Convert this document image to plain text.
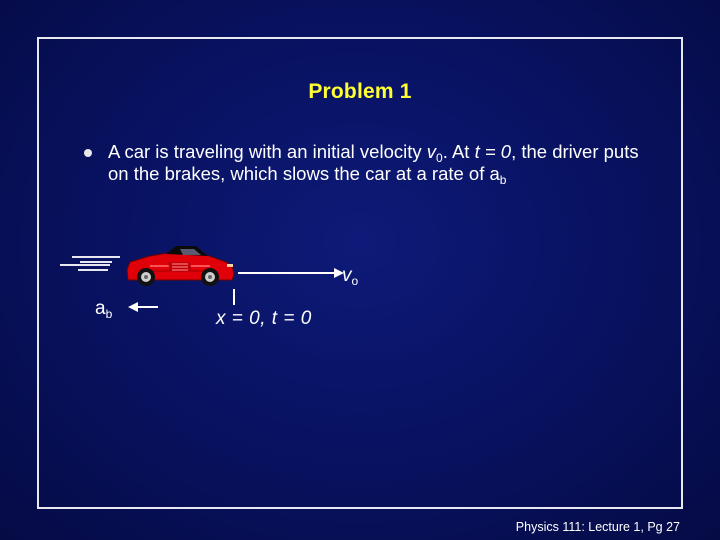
Problem 1
A car is traveling with an initial velocity $v_0$. At t = 0, the driver puts on the brakes, which slows the car at a rate of $a_b$
$v_o$
$a_b$	x = 0, t = 0
Physics 111: Lecture 1, Pg 27
